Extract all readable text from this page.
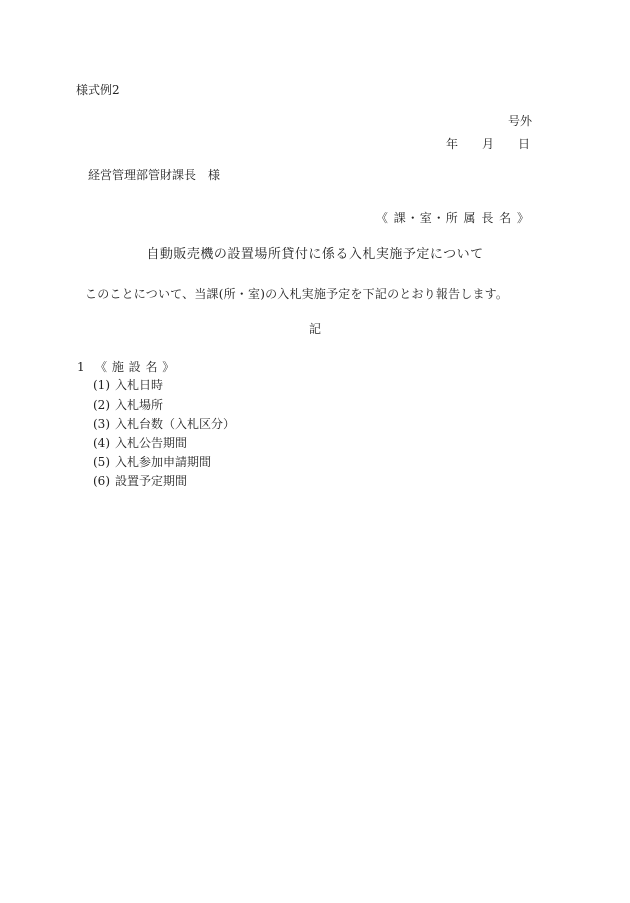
様式例2
号外
年　　月　　日
経営管理部管財課長　様
《 課・室・所 属 長 名 》
自動販売機の設置場所貸付に係る入札実施予定について
このことについて、当課(所・室)の入札実施予定を下記のとおり報告します。
記
1 《 施 設 名 》
(1) 入札日時
(2) 入札場所
(3) 入札台数（入札区分）
(4) 入札公告期間
(5) 入札参加申請期間
(6) 設置予定期間
